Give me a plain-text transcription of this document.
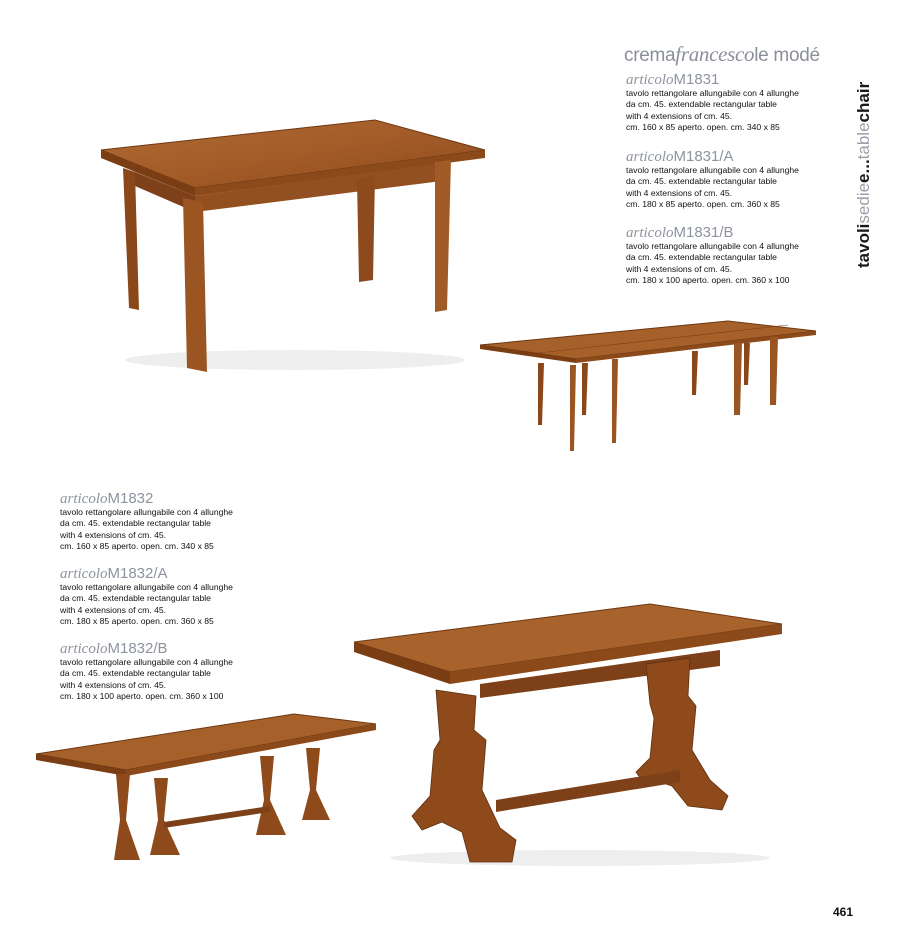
cremafrancescole modé
tavolisediee...tablechair
articoloM1831
tavolo rettangolare allungabile con 4 allunghe
da cm. 45. extendable rectangular table
with 4 extensions of cm. 45.
cm. 160 x 85 aperto. open. cm. 340 x 85
articoloM1831/A
tavolo rettangolare allungabile con 4 allunghe
da cm. 45. extendable rectangular table
with 4 extensions of cm. 45.
cm. 180 x 85 aperto. open. cm. 360 x 85
articoloM1831/B
tavolo rettangolare allungabile con 4 allunghe
da cm. 45. extendable rectangular table
with 4 extensions of cm. 45.
cm. 180 x 100 aperto. open. cm. 360 x 100
articoloM1832
tavolo rettangolare allungabile con 4 allunghe
da cm. 45. extendable rectangular table
with 4 extensions of cm. 45.
cm. 160 x 85 aperto. open. cm. 340 x 85
articoloM1832/A
tavolo rettangolare allungabile con 4 allunghe
da cm. 45. extendable rectangular table
with 4 extensions of cm. 45.
cm. 180 x 85 aperto. open. cm. 360 x 85
articoloM1832/B
tavolo rettangolare allungabile con 4 allunghe
da cm. 45. extendable rectangular table
with 4 extensions of cm. 45.
cm. 180 x 100 aperto. open. cm. 360 x 100
461
